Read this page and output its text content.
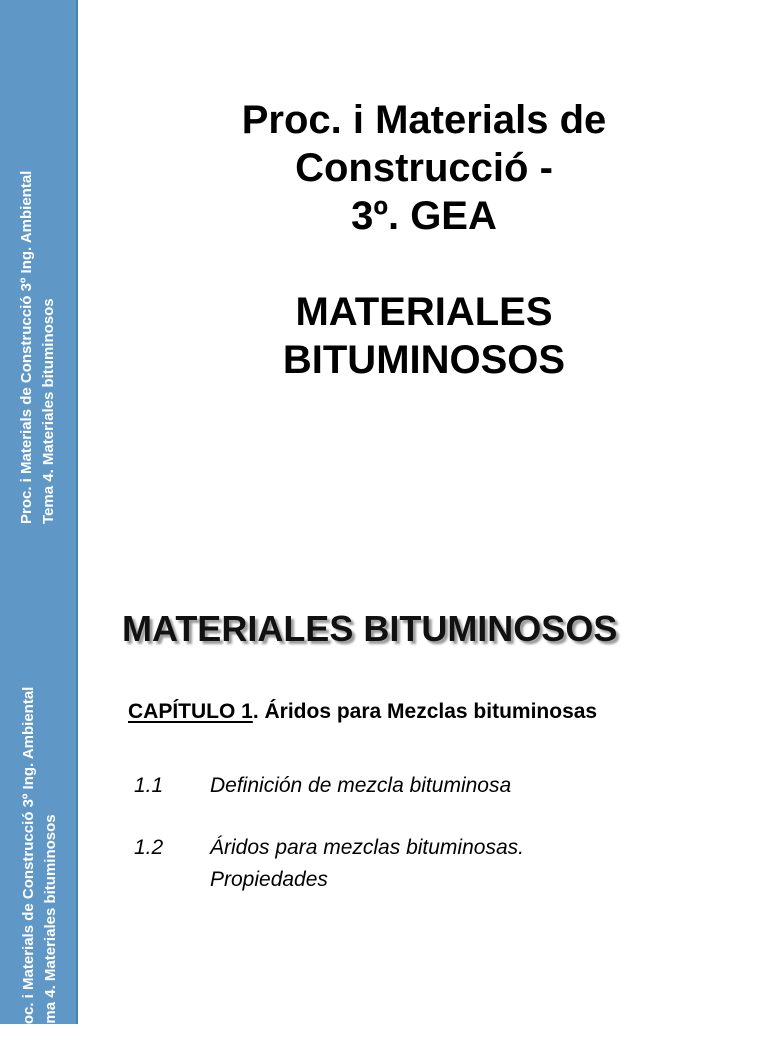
Proc. i Materials de Construcció 3º Ing. Ambiental Tema 4. Materiales bituminosos
Proc. i Materials de
Construcció -
3º. GEA
MATERIALES
BITUMINOSOS
MATERIALES BITUMINOSOS
CAPÍTULO 1. Áridos para Mezclas bituminosas
1.1 Definición de mezcla bituminosa
1.2 Áridos para mezclas bituminosas.
Propiedades
Proc. i Materials de Construcció 3º Ing. Ambiental Tema 4. Materiales bituminosos
